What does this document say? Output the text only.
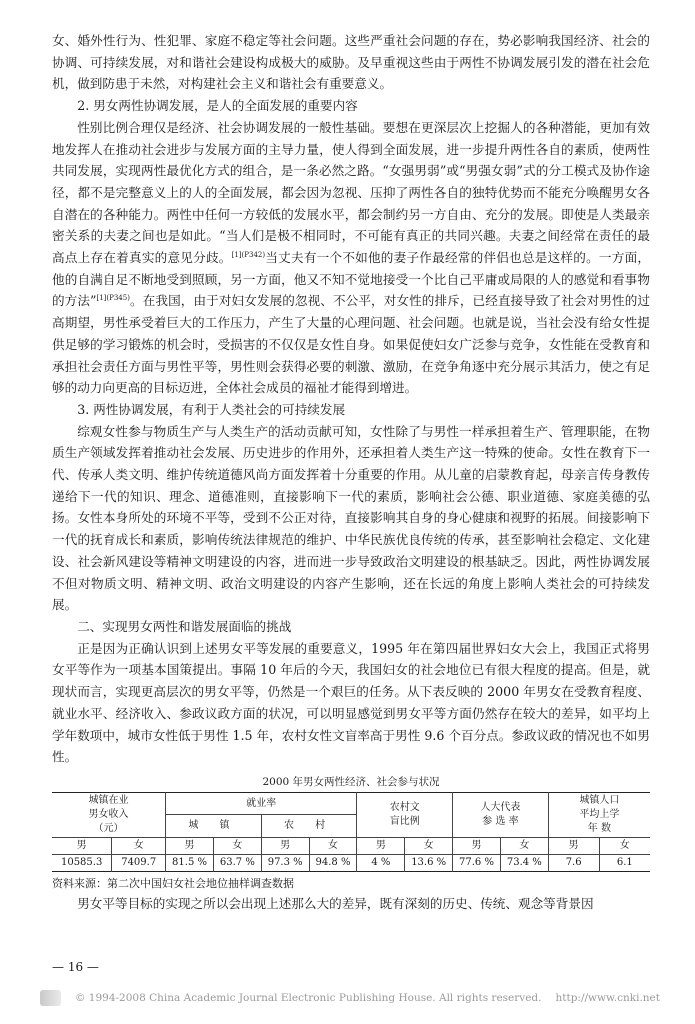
女、婚外性行为、性犯罪、家庭不稳定等社会问题。这些严重社会问题的存在，势必影响我国经济、社会的协调、可持续发展，对和谐社会建设构成极大的威胁。及早重视这些由于两性不协调发展引发的潜在社会危机，做到防患于未然，对构建社会主义和谐社会有重要意义。

2. 男女两性协调发展，是人的全面发展的重要内容

性别比例合理仅是经济、社会协调发展的一般性基础。要想在更深层次上挖掘人的各种潜能，更加有效地发挥人在推动社会进步与发展方面的主导力量，使人得到全面发展，进一步提升两性各自的素质，使两性共同发展，实现两性最优化方式的组合，是一条必然之路。“女强男弱”或“男强女弱”式的分工模式及协作途径，都不是完整意义上的人的全面发展，都会因为忽视、压抑了两性各自的独特优势而不能充分唤醒男女各自潜在的各种能力。两性中任何一方较低的发展水平，都会制约另一方自由、充分的发展。即使是人类最亲密关系的夫妻之间也是如此。“当人们是极不相同时，不可能有真正的共同兴趣。夫妻之间经常在责任的最高点上存在着真实的意见分歧。$^{[1](P342)}$当丈夫有一个不如他的妻子作最经常的伴侣也总是这样的。一方面，他的自满自足不断地受到照顾，另一方面，他又不知不觉地接受一个比自己平庸或局限的人的感觉和看事物的方法”$^{[1](P345)}$。在我国，由于对妇女发展的忽视、不公平，对女性的排斥，已经直接导致了社会对男性的过高期望，男性承受着巨大的工作压力，产生了大量的心理问题、社会问题。也就是说，当社会没有给女性提供足够的学习锻炼的机会时，受损害的不仅仅是女性自身。如果促使妇女广泛参与竞争，女性能在受教育和承担社会责任方面与男性平等，男性则会获得必要的刺激、激励，在竞争角逐中充分展示其活力，使之有足够的动力向更高的目标迈进，全体社会成员的福祉才能得到增进。

3. 两性协调发展，有利于人类社会的可持续发展

综观女性参与物质生产与人类生产的活动贡献可知，女性除了与男性一样承担着生产、管理职能，在物质生产领域发挥着推动社会发展、历史进步的作用外，还承担着人类生产这一特殊的使命。女性在教育下一代、传承人类文明、维护传统道德风尚方面发挥着十分重要的作用。从儿童的启蒙教育起，母亲言传身教传递给下一代的知识、理念、道德准则，直接影响下一代的素质，影响社会公德、职业道德、家庭美德的弘扬。女性本身所处的环境不平等，受到不公正对待，直接影响其自身的身心健康和视野的拓展。间接影响下一代的抚育成长和素质，影响传统法律规范的维护、中华民族优良传统的传承，甚至影响社会稳定、文化建设、社会新风建设等精神文明建设的内容，进而进一步导致政治文明建设的根基缺乏。因此，两性协调发展不但对物质文明、精神文明、政治文明建设的内容产生影响，还在长远的角度上影响人类社会的可持续发展。

二、实现男女两性和谐发展面临的挑战

正是因为正确认识到上述男女平等发展的重要意义，1995 年在第四届世界妇女大会上，我国正式将男女平等作为一项基本国策提出。事隔 10 年后的今天，我国妇女的社会地位已有很大程度的提高。但是，就现状而言，实现更高层次的男女平等，仍然是一个艰巨的任务。从下表反映的 2000 年男女在受教育程度、就业水平、经济收入、参政议政方面的状况，可以明显感觉到男女平等方面仍然存在较大的差异，如平均上学年数项中，城市女性低于男性 1.5 年，农村女性文盲率高于男性 9.6 个百分点。参政议政的情况也不如男性。

2000 年男女两性经济、社会参与状况
城镇在业
男女收入
（元）		就业率				农村文
盲比例		人大代表
参 选 率		城镇人口
平均上学
年 数	
		城 镇		农 村							
男	女	男	女	男	女	男	女	男	女	男	女
10585.3	7409.7	81.5 %	63.7 %	97.3 %	94.8 %	4 %	13.6 %	77.6 %	73.4 %	7.6	6.1
资料来源：第二次中国妇女社会地位抽样调查数据

男女平等目标的实现之所以会出现上述那么大的差异，既有深刻的历史、传统、观念等背景因

— 16 —
© 1994-2008 China Academic Journal Electronic Publishing House. All rights reserved. http://www.cnki.net
